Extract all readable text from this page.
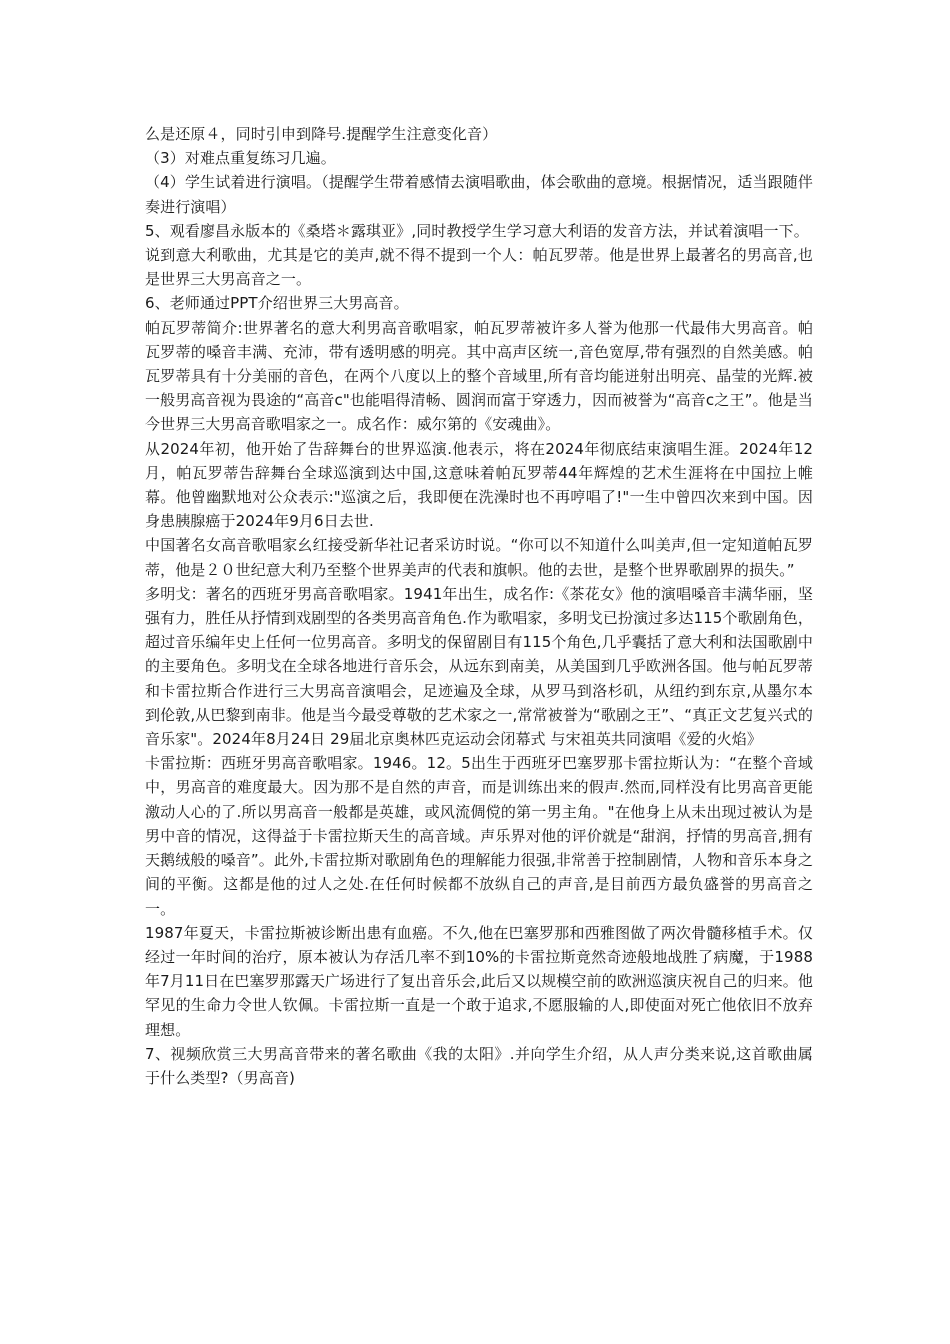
么是还原４，同时引申到降号.提醒学生注意变化音）

（3）对难点重复练习几遍。

（4）学生试着进行演唱。（提醒学生带着感情去演唱歌曲，体会歌曲的意境。根据情况，适当跟随伴奏进行演唱）

5、观看廖昌永版本的《桑塔＊露琪亚》,同时教授学生学习意大利语的发音方法，并试着演唱一下。

说到意大利歌曲，尤其是它的美声,就不得不提到一个人：帕瓦罗蒂。他是世界上最著名的男高音,也是世界三大男高音之一。

6、老师通过PPT介绍世界三大男高音。

帕瓦罗蒂简介:世界著名的意大利男高音歌唱家，帕瓦罗蒂被许多人誉为他那一代最伟大男高音。帕瓦罗蒂的嗓音丰满、充沛，带有透明感的明亮。其中高声区统一,音色宽厚,带有强烈的自然美感。帕瓦罗蒂具有十分美丽的音色，在两个八度以上的整个音域里,所有音均能迸射出明亮、晶莹的光辉.被一般男高音视为畏途的“高音c"也能唱得清畅、圆润而富于穿透力，因而被誉为“高音c之王”。他是当今世界三大男高音歌唱家之一。成名作：威尔第的《安魂曲》。

从2024年初，他开始了告辞舞台的世界巡演.他表示，将在2024年彻底结束演唱生涯。2024年12月，帕瓦罗蒂告辞舞台全球巡演到达中国,这意味着帕瓦罗蒂44年辉煌的艺术生涯将在中国拉上帷幕。他曾幽默地对公众表示:"巡演之后，我即便在洗澡时也不再哼唱了!"一生中曾四次来到中国。因身患胰腺癌于2024年9月6日去世.

中国著名女高音歌唱家幺红接受新华社记者采访时说。“你可以不知道什么叫美声,但一定知道帕瓦罗蒂，他是２０世纪意大利乃至整个世界美声的代表和旗帜。他的去世，是整个世界歌剧界的损失。”

多明戈：著名的西班牙男高音歌唱家。1941年出生，成名作:《茶花女》他的演唱嗓音丰满华丽，坚强有力，胜任从抒情到戏剧型的各类男高音角色.作为歌唱家，多明戈已扮演过多达115个歌剧角色，超过音乐编年史上任何一位男高音。多明戈的保留剧目有115个角色,几乎囊括了意大利和法国歌剧中的主要角色。多明戈在全球各地进行音乐会，从远东到南美，从美国到几乎欧洲各国。他与帕瓦罗蒂和卡雷拉斯合作进行三大男高音演唱会，足迹遍及全球，从罗马到洛杉矶，从纽约到东京,从墨尔本到伦敦,从巴黎到南非。他是当今最受尊敬的艺术家之一,常常被誉为“歌剧之王”、“真正文艺复兴式的音乐家"。2024年8月24日 29届北京奥林匹克运动会闭幕式 与宋祖英共同演唱《爱的火焰》

卡雷拉斯：西班牙男高音歌唱家。1946。12。5出生于西班牙巴塞罗那卡雷拉斯认为：“在整个音域中，男高音的难度最大。因为那不是自然的声音，而是训练出来的假声.然而,同样没有比男高音更能激动人心的了.所以男高音一般都是英雄，或风流倜傥的第一男主角。"在他身上从未出现过被认为是男中音的情况，这得益于卡雷拉斯天生的高音域。声乐界对他的评价就是“甜润，抒情的男高音,拥有天鹅绒般的嗓音”。此外,卡雷拉斯对歌剧角色的理解能力很强,非常善于控制剧情，人物和音乐本身之间的平衡。这都是他的过人之处.在任何时候都不放纵自己的声音,是目前西方最负盛誉的男高音之一。

1987年夏天，卡雷拉斯被诊断出患有血癌。不久,他在巴塞罗那和西雅图做了两次骨髓移植手术。仅经过一年时间的治疗，原本被认为存活几率不到10%的卡雷拉斯竟然奇迹般地战胜了病魔，于1988年7月11日在巴塞罗那露天广场进行了复出音乐会,此后又以规模空前的欧洲巡演庆祝自己的归来。他罕见的生命力令世人钦佩。卡雷拉斯一直是一个敢于追求,不愿服输的人,即使面对死亡他依旧不放弃理想。

7、视频欣赏三大男高音带来的著名歌曲《我的太阳》.并向学生介绍，从人声分类来说,这首歌曲属于什么类型?（男高音)
